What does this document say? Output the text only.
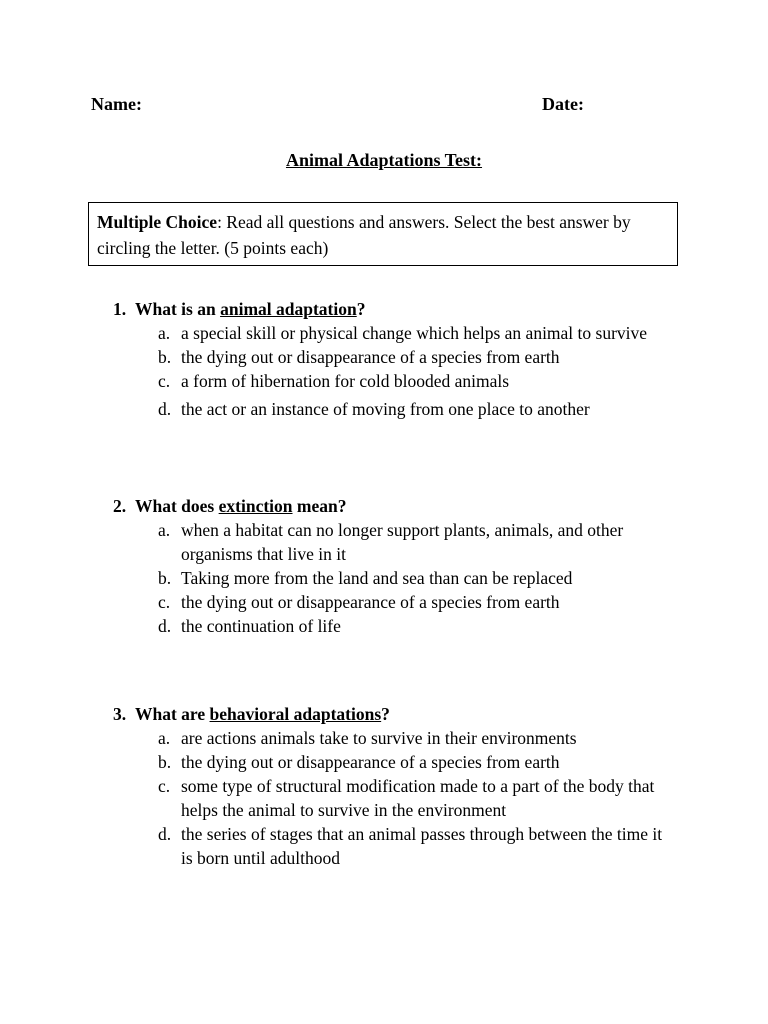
Name:	Date:
Animal Adaptations Test:
Multiple Choice: Read all questions and answers. Select the best answer by circling the letter. (5 points each)
1. What is an animal adaptation?
a. a special skill or physical change which helps an animal to survive
b. the dying out or disappearance of a species from earth
c. a form of hibernation for cold blooded animals
d. the act or an instance of moving from one place to another
2. What does extinction mean?
a. when a habitat can no longer support plants, animals, and other organisms that live in it
b. Taking more from the land and sea than can be replaced
c. the dying out or disappearance of a species from earth
d. the continuation of life
3. What are behavioral adaptations?
a. are actions animals take to survive in their environments
b. the dying out or disappearance of a species from earth
c. some type of structural modification made to a part of the body that helps the animal to survive in the environment
d. the series of stages that an animal passes through between the time it is born until adulthood
